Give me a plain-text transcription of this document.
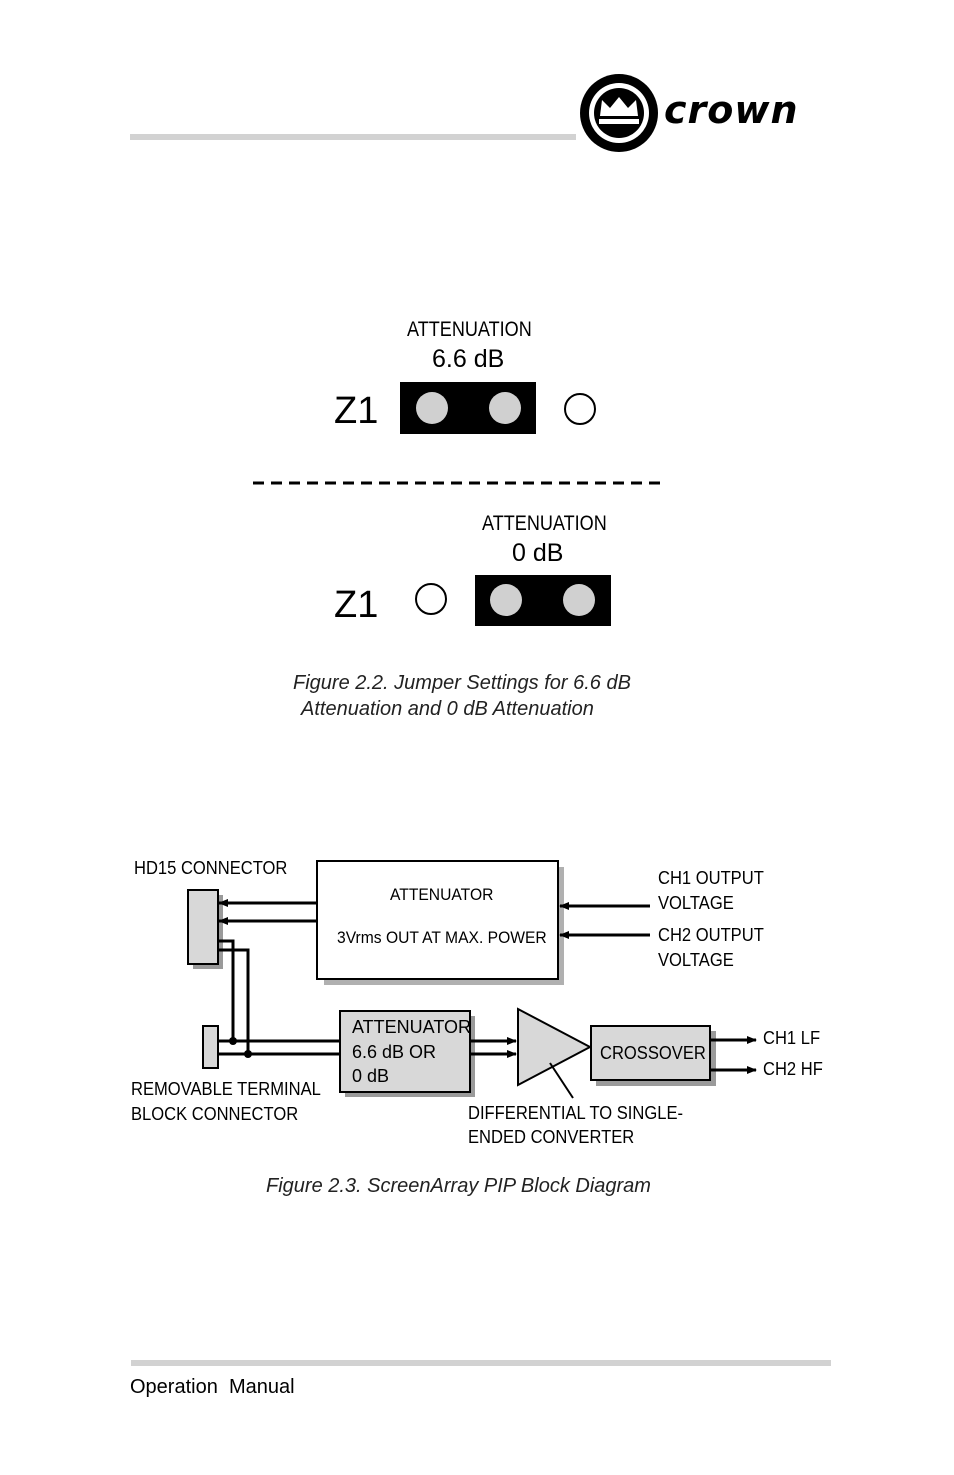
crown
ATTENUATION
6.6 dB
Z1
ATTENUATION
0 dB
Z1
Figure 2.2. Jumper Settings for 6.6 dB
Attenuation and 0 dB Attenuation
HD15 CONNECTOR
ATTENUATOR
3Vrms OUT AT MAX. POWER
CH1 OUTPUT
VOLTAGE
CH2 OUTPUT
VOLTAGE
ATTENUATOR
6.6 dB OR
0 dB
CROSSOVER
CH1 LF
CH2 HF
REMOVABLE TERMINAL
BLOCK CONNECTOR	DIFFERENTIAL TO SINGLE-
ENDED CONVERTER
Figure 2.3. ScreenArray PIP Block Diagram
Operation  Manual
